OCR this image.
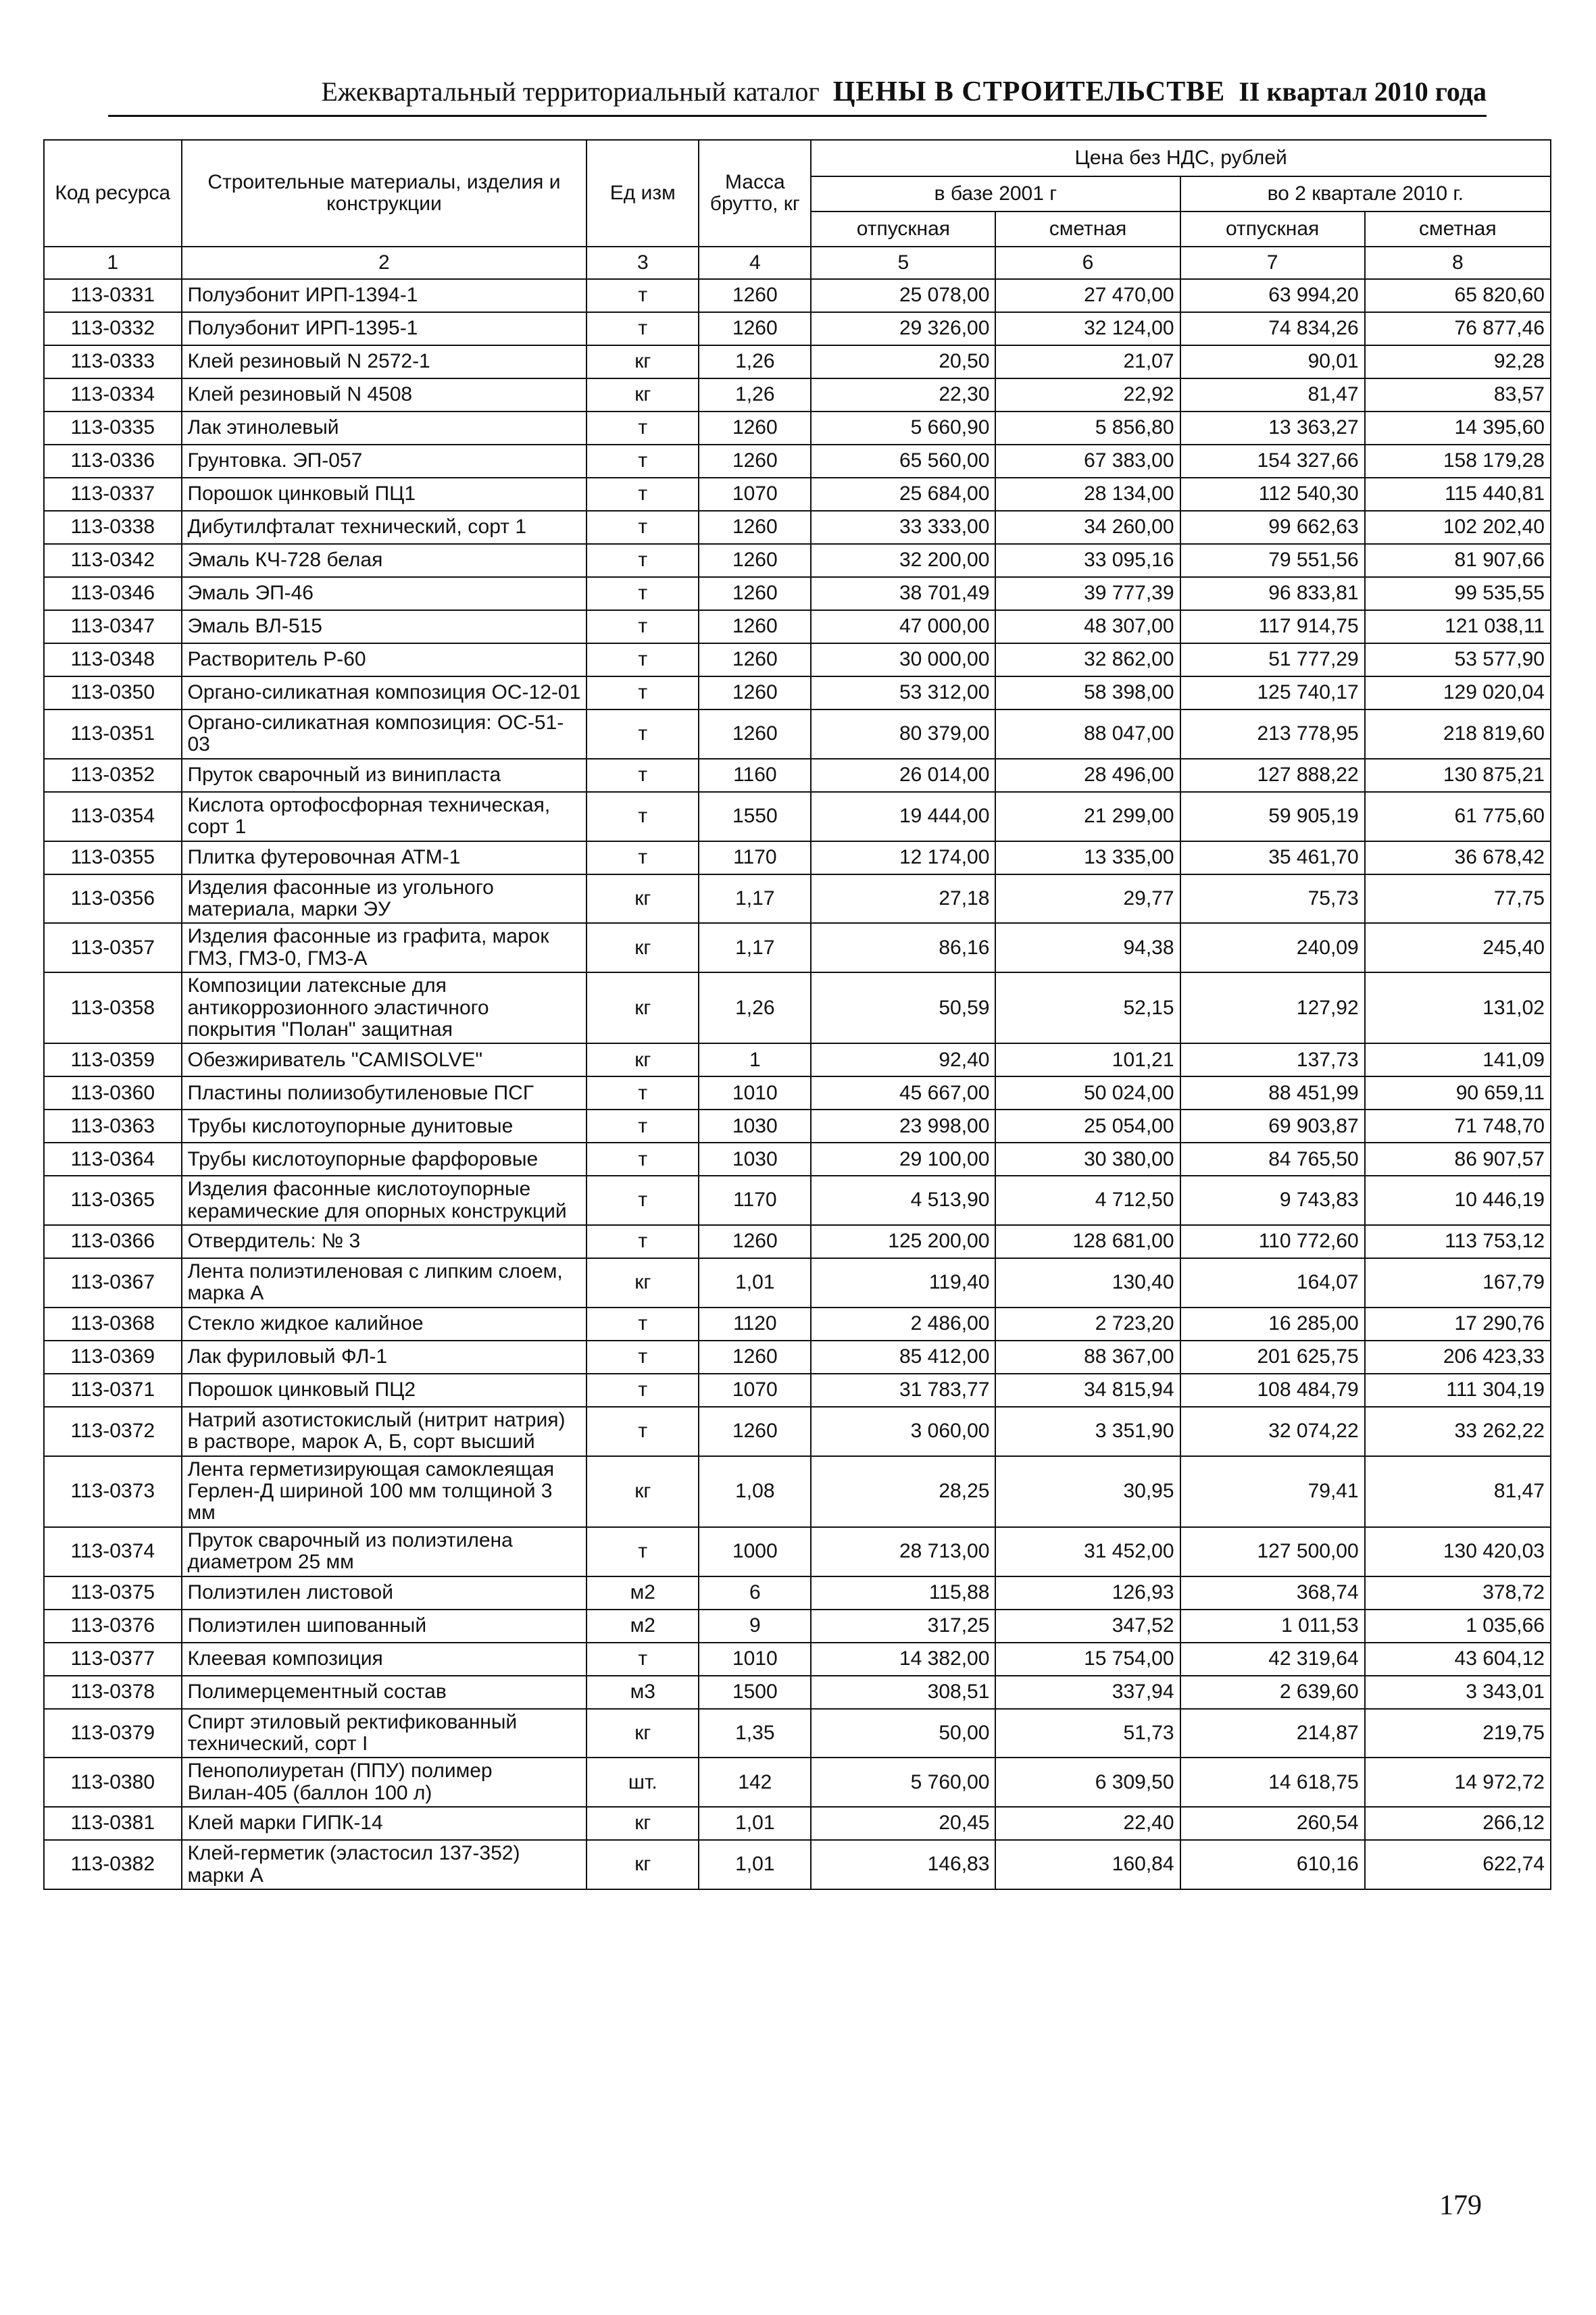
Ежеквартальный территориальный каталог ЦЕНЫ В СТРОИТЕЛЬСТВЕ II квартал 2010 года
Код ресурса	Строительные материалы, изделия и конструкции	Ед изм	Масса брутто, кг	Цена без НДС, рублей			
				в базе 2001 г		во 2 квартале 2010 г.	
				отпускная	сметная	отпускная	сметная
1	2	3	4	5	6	7	8
113-0331	Полуэбонит ИРП-1394-1	т	1260	25 078,00	27 470,00	63 994,20	65 820,60
113-0332	Полуэбонит ИРП-1395-1	т	1260	29 326,00	32 124,00	74 834,26	76 877,46
113-0333	Клей резиновый N 2572-1	кг	1,26	20,50	21,07	90,01	92,28
113-0334	Клей резиновый N 4508	кг	1,26	22,30	22,92	81,47	83,57
113-0335	Лак этинолевый	т	1260	5 660,90	5 856,80	13 363,27	14 395,60
113-0336	Грунтовка. ЭП-057	т	1260	65 560,00	67 383,00	154 327,66	158 179,28
113-0337	Порошок цинковый ПЦ1	т	1070	25 684,00	28 134,00	112 540,30	115 440,81
113-0338	Дибутилфталат технический, сорт 1	т	1260	33 333,00	34 260,00	99 662,63	102 202,40
113-0342	Эмаль КЧ-728 белая	т	1260	32 200,00	33 095,16	79 551,56	81 907,66
113-0346	Эмаль ЭП-46	т	1260	38 701,49	39 777,39	96 833,81	99 535,55
113-0347	Эмаль ВЛ-515	т	1260	47 000,00	48 307,00	117 914,75	121 038,11
113-0348	Растворитель Р-60	т	1260	30 000,00	32 862,00	51 777,29	53 577,90
113-0350	Органо-силикатная композиция ОС-12-01	т	1260	53 312,00	58 398,00	125 740,17	129 020,04
113-0351	Органо-силикатная композиция: ОС-51-03	т	1260	80 379,00	88 047,00	213 778,95	218 819,60
113-0352	Пруток сварочный из винипласта	т	1160	26 014,00	28 496,00	127 888,22	130 875,21
113-0354	Кислота ортофосфорная техническая, сорт 1	т	1550	19 444,00	21 299,00	59 905,19	61 775,60
113-0355	Плитка футеровочная АТМ-1	т	1170	12 174,00	13 335,00	35 461,70	36 678,42
113-0356	Изделия фасонные из угольного материала, марки ЭУ	кг	1,17	27,18	29,77	75,73	77,75
113-0357	Изделия фасонные из графита, марок ГМЗ, ГМЗ-0, ГМЗ-А	кг	1,17	86,16	94,38	240,09	245,40
113-0358	Композиции латексные для антикоррозионного эластичного покрытия "Полан" защитная	кг	1,26	50,59	52,15	127,92	131,02
113-0359	Обезжириватель "CAMISOLVE"	кг	1	92,40	101,21	137,73	141,09
113-0360	Пластины полиизобутиленовые ПСГ	т	1010	45 667,00	50 024,00	88 451,99	90 659,11
113-0363	Трубы кислотоупорные дунитовые	т	1030	23 998,00	25 054,00	69 903,87	71 748,70
113-0364	Трубы кислотоупорные фарфоровые	т	1030	29 100,00	30 380,00	84 765,50	86 907,57
113-0365	Изделия фасонные кислотоупорные керамические для опорных конструкций	т	1170	4 513,90	4 712,50	9 743,83	10 446,19
113-0366	Отвердитель: № 3	т	1260	125 200,00	128 681,00	110 772,60	113 753,12
113-0367	Лента полиэтиленовая с липким слоем, марка А	кг	1,01	119,40	130,40	164,07	167,79
113-0368	Стекло жидкое калийное	т	1120	2 486,00	2 723,20	16 285,00	17 290,76
113-0369	Лак фуриловый ФЛ-1	т	1260	85 412,00	88 367,00	201 625,75	206 423,33
113-0371	Порошок цинковый ПЦ2	т	1070	31 783,77	34 815,94	108 484,79	111 304,19
113-0372	Натрий азотистокислый (нитрит натрия) в растворе, марок А, Б, сорт высший	т	1260	3 060,00	3 351,90	32 074,22	33 262,22
113-0373	Лента герметизирующая самоклеящая Герлен-Д шириной 100 мм толщиной 3 мм	кг	1,08	28,25	30,95	79,41	81,47
113-0374	Пруток сварочный из полиэтилена диаметром 25 мм	т	1000	28 713,00	31 452,00	127 500,00	130 420,03
113-0375	Полиэтилен листовой	м2	6	115,88	126,93	368,74	378,72
113-0376	Полиэтилен шипованный	м2	9	317,25	347,52	1 011,53	1 035,66
113-0377	Клеевая композиция	т	1010	14 382,00	15 754,00	42 319,64	43 604,12
113-0378	Полимерцементный состав	м3	1500	308,51	337,94	2 639,60	3 343,01
113-0379	Спирт этиловый ректификованный технический, сорт I	кг	1,35	50,00	51,73	214,87	219,75
113-0380	Пенополиуретан (ППУ) полимер Вилан-405 (баллон 100 л)	шт.	142	5 760,00	6 309,50	14 618,75	14 972,72
113-0381	Клей марки ГИПК-14	кг	1,01	20,45	22,40	260,54	266,12
113-0382	Клей-герметик (эластосил 137-352) марки А	кг	1,01	146,83	160,84	610,16	622,74
179
